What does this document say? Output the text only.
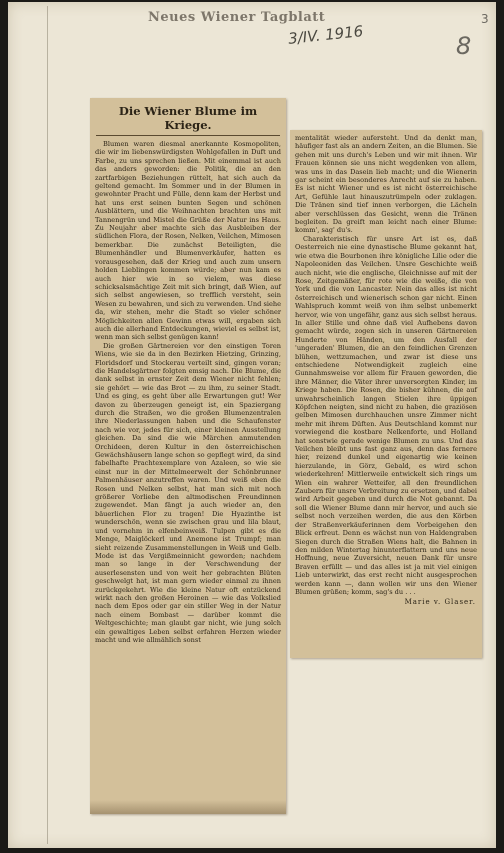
3
Neues Wiener Tagblatt
3/IV. 1916	8
Die Wiener Blume im Kriege.

Blumen waren diesmal anerkannte Kosmopoliten, die wir im liebenswürdigsten Wohlgefallen in Duft und Farbe, zu uns sprechen ließen. Mit einemmal ist auch das anders geworden: die Politik, die an den zartfarbigen Beziehungen rüttelt, hat sich auch da geltend gemacht. Im Sommer und in der Blumen in gewohnter Pracht und Fülle, denn kam der Herbst und hat uns erst seinen bunten Segen und schönen Ausblättern, und die Weihnachten brachten uns mit Tannengrün und Mistel die Grüße der Natur ins Haus. Zu Neujahr aber machte sich das Ausbleiben der südlichen Flora, der Rosen, Nelken, Veilchen, Mimosen bemerkbar. Die zunächst Beteiligten, die Blumenhändler und Blumenverkäufer, hatten es vorausgesehen, daß der Krieg und auch zum unsern holden Lieblingen kommen würde; aber nun kam es auch hier wie in so vielem, was diese schicksalsmächtige Zeit mit sich bringt, daß Wien, auf sich selbst angewiesen, so trefflich versteht, sein Wesen zu bewahren, und sich zu verwenden. Und siehe da, wir stehen, mehr die Stadt so vieler schöner Möglichkeiten allen Gewinn etwas will, ergaben sich auch die allerhand Entdeckungen, wieviel es selbst ist, wenn man sich selbst genügen kann!

Die großen Gärtnereien vor den einstigen Toren Wiens, wie sie da in den Bezirken Hietzing, Grinzing, Floridsdorf und Stockerau verteilt sind, gingen voran; die Handelsgärtner folgten emsig nach. Die Blume, die dank selbst in ernster Zeit dem Wiener nicht fehlen; sie gehört — wie das Brot — zu ihm, zu seiner Stadt. Und es ging, es geht über alle Erwartungen gut! Wer davon zu überzeugen geneigt ist, ein Spaziergang durch die Straßen, wo die großen Blumenzentralen ihre Niederlassungen haben und die Schaufenster nach wie vor, jedes für sich, einer kleinen Ausstellung gleichen. Da sind die wie Märchen anmutenden Orchideen, deren Kultur in den österreichischen Gewächshäusern lange schon so gepflegt wird, da sind fabelhafte Prachtexemplare von Azaleen, so wie sie einst nur in der Mittelmeerwelt der Schönbrunner Palmenhäuser anzutreffen waren. Und weiß eben die Rosen und Nelken selbst, hat man sich mit noch größerer Vorliebe den altmodischen Freundinnen zugewendet. Man fängt ja auch wieder an, den bäuerlichen Flor zu tragen! Die Hyazinthe ist wunderschön, wenn sie zwischen grau und lila blaut, und vornehm in elfenbeinweiß. Tulpen gibt es die Menge, Maiglöckerl und Anemone ist Trumpf; man sieht reizende Zusammenstellungen in Weiß und Gelb. Mode ist das Vergißmeinnicht geworden; nachdem man so lange in der Verschwendung der auserlesensten und von weit her gebrachten Blüten geschwelgt hat, ist man gern wieder einmal zu ihnen zurückgekehrt. Wie die kleine Natur oft entzückend wirkt nach den großen Heroinen — wie das Volkslied nach dem Epos oder gar ein stiller Weg in der Natur nach einem Bombast — darüber kommt die Weltgeschichte; man glaubt gar nicht, wie jung solch ein gewaltiges Leben selbst erfahren Herzen wieder macht und wie allmählich sonst

mentalität wieder aufersteht. Und da denkt man, häufiger fast als an andern Zeiten, an die Blumen. Sie gehen mit uns durch's Leben und wir mit ihnen. Wir Frauen können sie uns nicht wegdenken von allem, was uns in das Dasein lieb macht; und die Wienerin gar scheint ein besonderes Anrecht auf sie zu haben. Es ist nicht Wiener und es ist nicht österreichische Art, Gefühle laut hinauszutrümpeln oder zuklagen. Die Tränen sind tief innen verborgen, die Lächeln aber verschlüssen das Gesicht, wenn die Tränen begleiten. Da greift man leicht nach einer Blume: komm', sag' du's.

Charakteristisch für unsre Art ist es, daß Oesterreich nie eine dynastische Blume gekannt hat, wie etwa die Bourbonen ihre königliche Lilie oder die Napoleoniden das Veilchen. Unsre Geschichte weiß auch nicht, wie die englische, Gleichnisse auf mit der Rose, Zeitgemäßer, für rote wie die weiße, die von York und die von Lancaster. Nein das alles ist nicht österreichisch und wienerisch schon gar nicht. Einen Wahlspruch kommt weiß von ihm selbst unbemerkt hervor, wie von ungefähr, ganz aus sich selbst heraus. In aller Stille und ohne daß viel Aufhebens davon gemacht würde, zogen sich in unseren Gärtnereien Hunderte von Händen, um den Ausfall der 'ungeraden' Blumen, die an den feindlichen Grenzen blühen, wettzumachen, und zwar ist diese uns entschiedene Notwendigkeit zugleich eine Gunnahmsweise vor allem für Frauen geworden, die ihre Männer, die Väter ihrer unversorgten Kinder, im Kriege haben. Die Rosen, die bisher kühnen, die auf unwahrscheinlich langen Stielen ihre üppigen Köpfchen neigten, sind nicht zu haben, die graziösen gelben Mimosen durchhauchen unsre Zimmer nicht mehr mit ihrem Düften. Aus Deutschland kommt nur vorwiegend die kostbare Nelkenforte, und Holland hat sonstwie gerade wenige Blumen zu uns. Und das Veilchen bleibt uns fast ganz aus, denn das fernere hier, reizend dunkel und eigenartig wie keinen hierzulande, in Görz, Gebald, es wird schon wiederkehren! Mittlerweile entwickelt sich rings um Wien ein wahrer Wetteifer, all den freundlichen Zaubern für unsre Verbreitung zu ersetzen, und dabei wird Arbeit gegeben und durch die Not gebannt. Da soll die Wiener Blume dann mir hervor, und auch sie selbst noch verzeihen werden, die aus den Körben der Straßenverkäuferinnen dem Vorbeigehen den Blick erfreut. Denn es wächst nun von Haldengraben Siegen durch die Straßen Wiens halt, die Bahnen in den milden Wintertag hinunterflattern und uns neue Hoffnung, neue Zuversicht, neuen Dank für unsre Braven erfüllt — und das alles ist ja mit viel einigen Lieb unterwirkt, das erst recht nicht ausgesprochen werden kann —, dann wollen wir uns den Wiener Blumen grüßen; komm, sag's du . . .

Marie v. Glaser.
